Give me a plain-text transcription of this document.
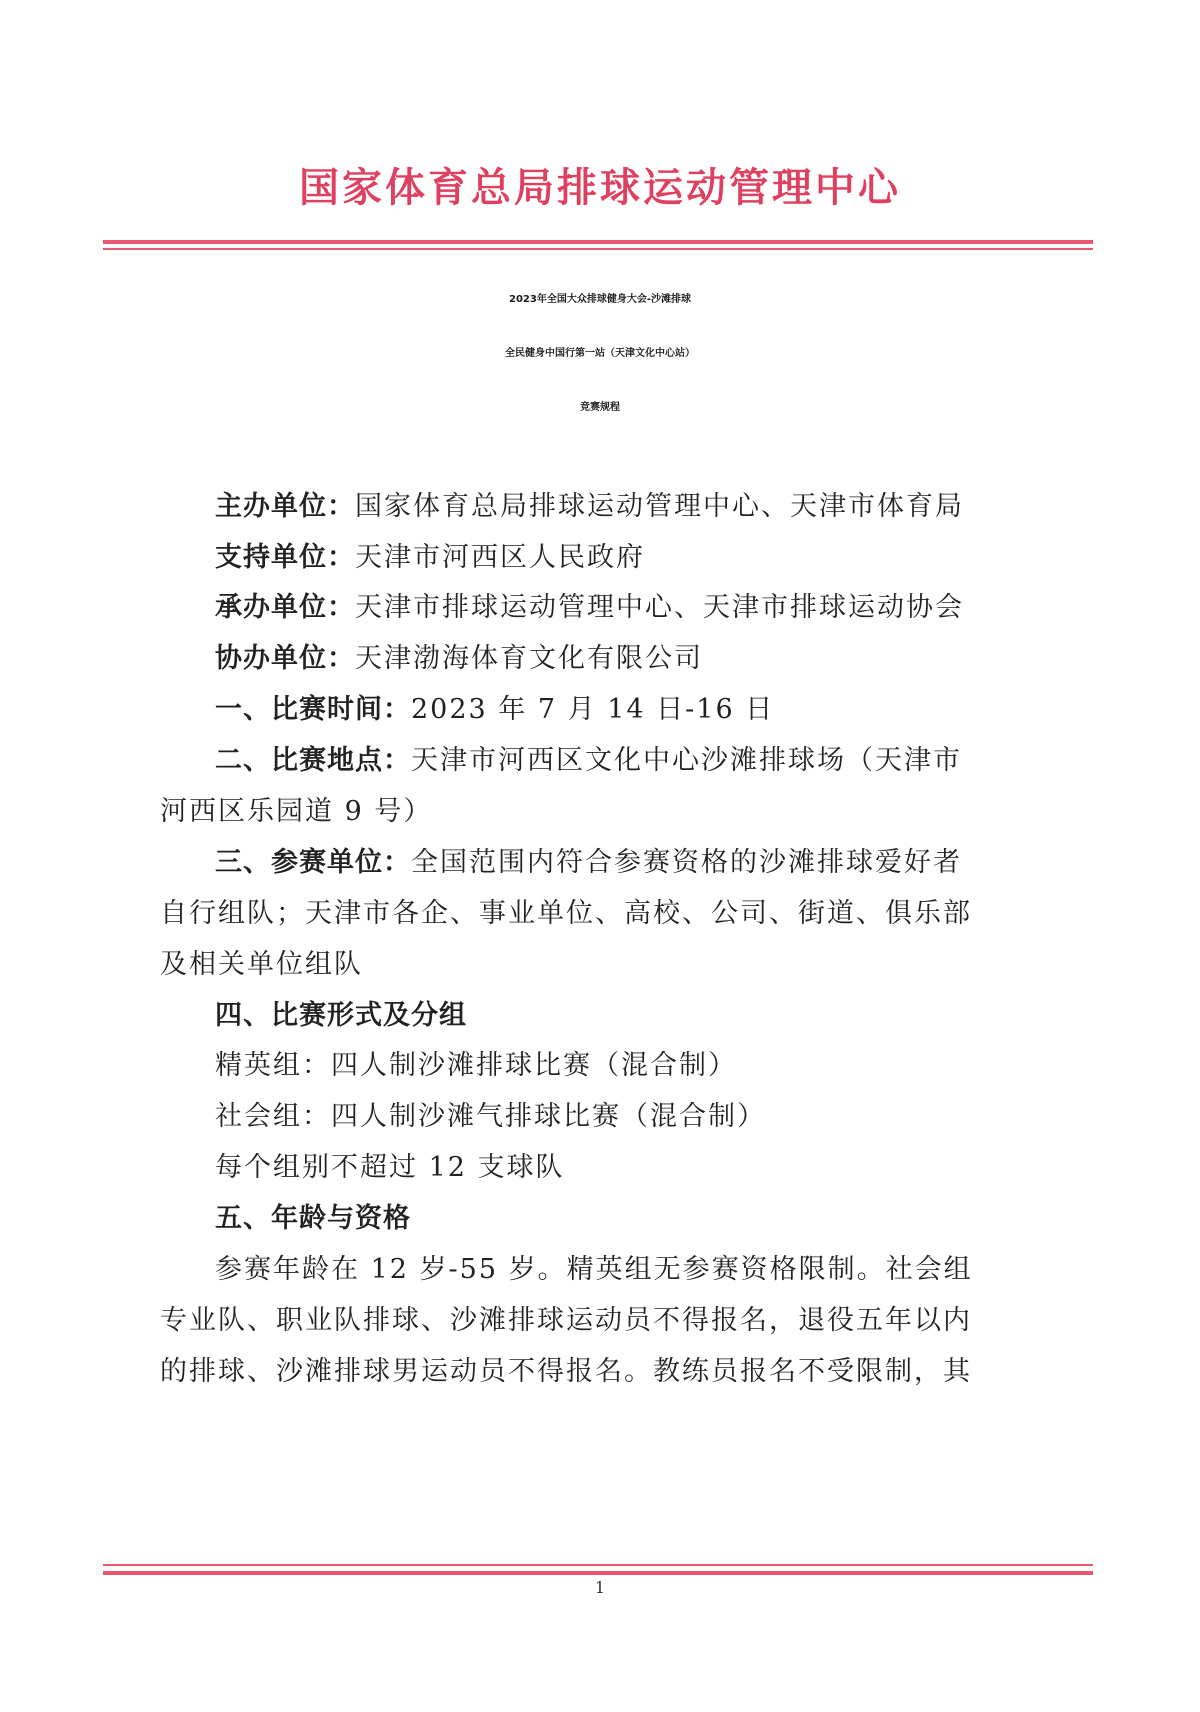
国家体育总局排球运动管理中心
2023年全国大众排球健身大会-沙滩排球
全民健身中国行第一站（天津文化中心站）
竞赛规程
主办单位：国家体育总局排球运动管理中心、天津市体育局
支持单位：天津市河西区人民政府
承办单位：天津市排球运动管理中心、天津市排球运动协会
协办单位：天津渤海体育文化有限公司
一、比赛时间：2023 年 7 月 14 日-16 日
二、比赛地点：天津市河西区文化中心沙滩排球场（天津市
河西区乐园道 9 号）
三、参赛单位：全国范围内符合参赛资格的沙滩排球爱好者
自行组队；天津市各企、事业单位、高校、公司、街道、俱乐部
及相关单位组队
四、比赛形式及分组
精英组：四人制沙滩排球比赛（混合制）
社会组：四人制沙滩气排球比赛（混合制）
每个组别不超过 12 支球队
五、年龄与资格
参赛年龄在 12 岁-55 岁。精英组无参赛资格限制。社会组
专业队、职业队排球、沙滩排球运动员不得报名，退役五年以内
的排球、沙滩排球男运动员不得报名。教练员报名不受限制，其
1
